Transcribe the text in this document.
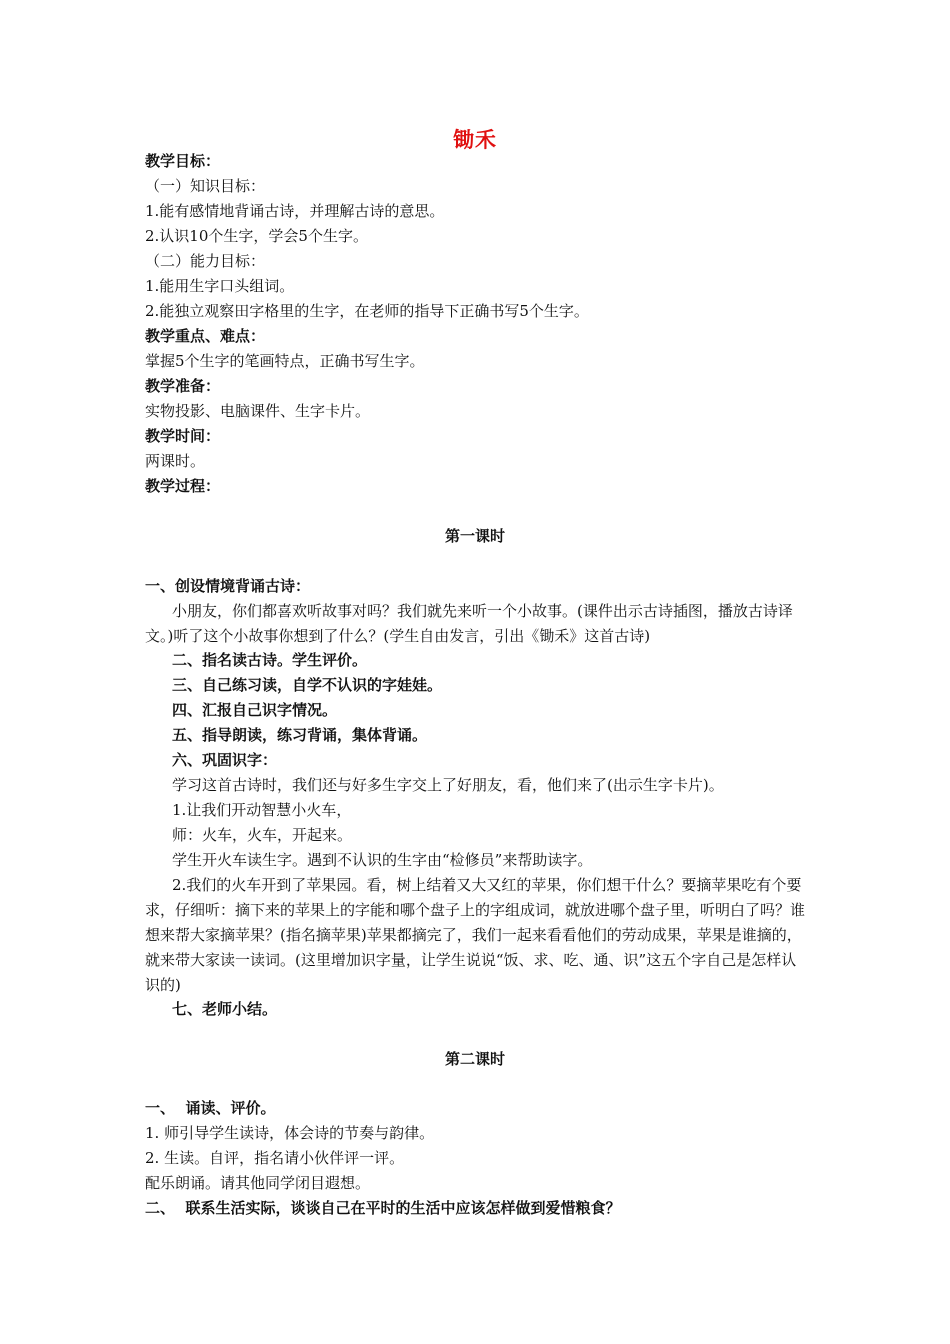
锄禾
教学目标：
（一）知识目标：
1.能有感情地背诵古诗，并理解古诗的意思。
2.认识10个生字，学会5个生字。
（二）能力目标：
1.能用生字口头组词。
2.能独立观察田字格里的生字，在老师的指导下正确书写5个生字。
教学重点、难点：
掌握5个生字的笔画特点，正确书写生字。
教学准备：
实物投影、电脑课件、生字卡片。
教学时间：
两课时。
教学过程：
第一课时
一、创设情境背诵古诗：
小朋友，你们都喜欢听故事对吗？我们就先来听一个小故事。(课件出示古诗插图，播放古诗译文。)听了这个小故事你想到了什么？(学生自由发言，引出《锄禾》这首古诗)
二、指名读古诗。学生评价。
三、自己练习读，自学不认识的字娃娃。
四、汇报自己识字情况。
五、指导朗读，练习背诵，集体背诵。
六、巩固识字：
学习这首古诗时，我们还与好多生字交上了好朋友，看，他们来了(出示生字卡片)。
1.让我们开动智慧小火车，
师：火车，火车，开起来。
学生开火车读生字。遇到不认识的生字由“检修员”来帮助读字。
2.我们的火车开到了苹果园。看，树上结着又大又红的苹果，你们想干什么？要摘苹果吃有个要求，仔细听：摘下来的苹果上的字能和哪个盘子上的字组成词，就放进哪个盘子里，听明白了吗？谁想来帮大家摘苹果？(指名摘苹果)苹果都摘完了，我们一起来看看他们的劳动成果，苹果是谁摘的，就来带大家读一读词。(这里增加识字量，让学生说说“饭、求、吃、通、识”这五个字自己是怎样认识的)
七、老师小结。
第二课时
一、  诵读、评价。
1. 师引导学生读诗，体会诗的节奏与韵律。
2. 生读。自评，指名请小伙伴评一评。
配乐朗诵。请其他同学闭目遐想。
二、  联系生活实际，谈谈自己在平时的生活中应该怎样做到爱惜粮食？
